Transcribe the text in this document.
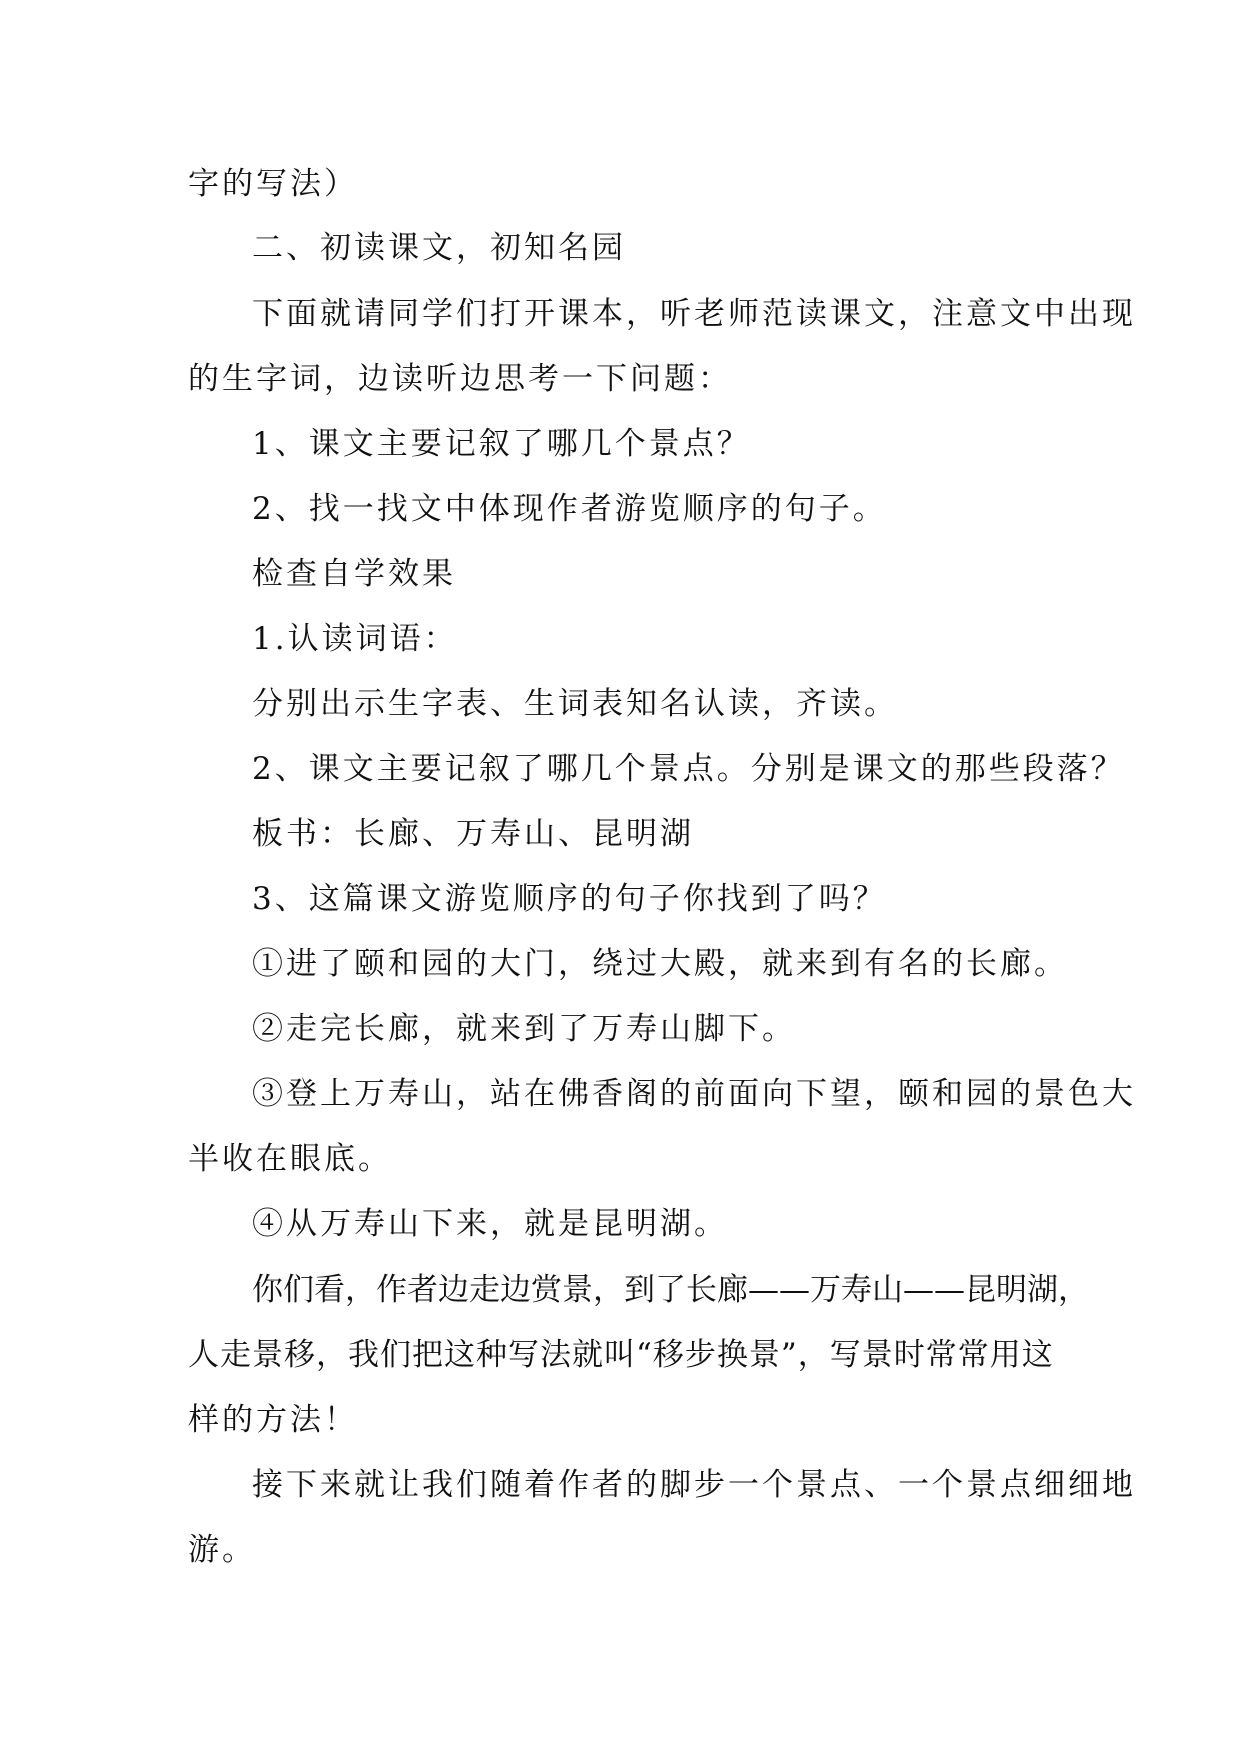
字的写法）
二、初读课文，初知名园
下面就请同学们打开课本，听老师范读课文，注意文中出现
的生字词，边读听边思考一下问题：
1、课文主要记叙了哪几个景点？
2、找一找文中体现作者游览顺序的句子。
检查自学效果
1.认读词语：
分别出示生字表、生词表知名认读，齐读。
2、课文主要记叙了哪几个景点。分别是课文的那些段落？
板书：长廊、万寿山、昆明湖
3、这篇课文游览顺序的句子你找到了吗？
①进了颐和园的大门，绕过大殿，就来到有名的长廊。
②走完长廊，就来到了万寿山脚下。
③登上万寿山，站在佛香阁的前面向下望，颐和园的景色大
半收在眼底。
④从万寿山下来，就是昆明湖。
你们看，作者边走边赏景，到了长廊——万寿山——昆明湖，
人走景移，我们把这种写法就叫“移步换景”，写景时常常用这
样的方法！
接下来就让我们随着作者的脚步一个景点、一个景点细细地
游。
